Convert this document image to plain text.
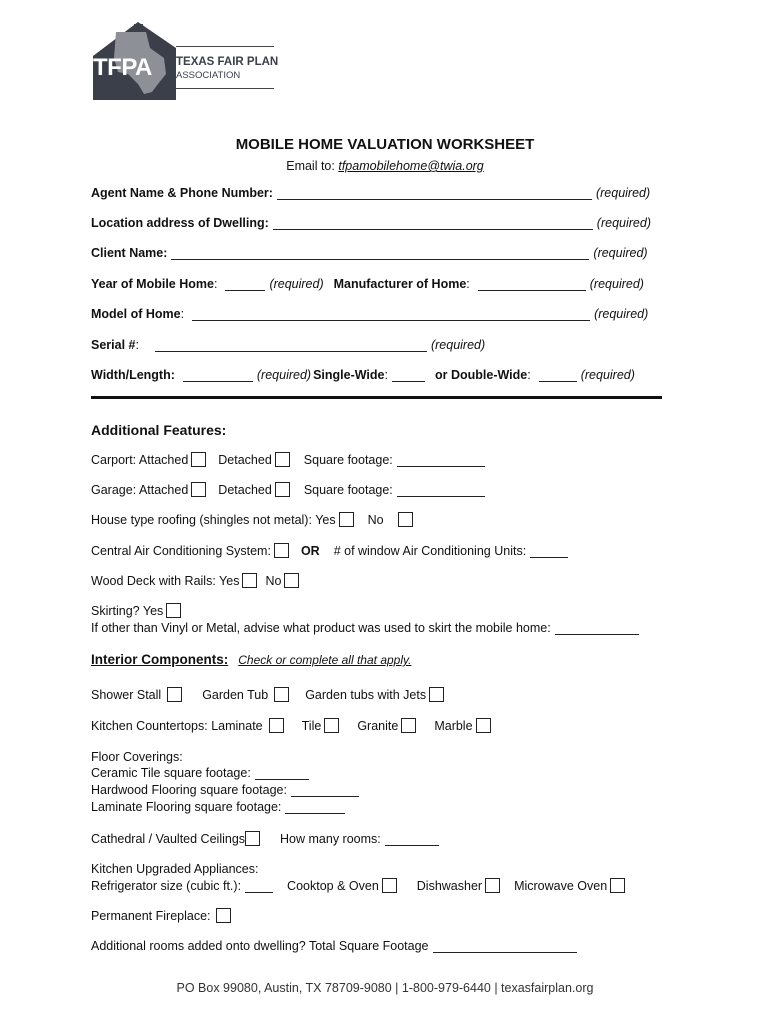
TFPA TEXAS FAIR PLAN
ASSOCIATION
MOBILE HOME VALUATION WORKSHEET
Email to: tfpamobilehome@twia.org
Agent Name & Phone Number:	(required)
Location address of Dwelling:	(required)
Client Name:	(required)
Year of Mobile Home :	(required) Manufacturer of Home :	(required)
Model of Home :	(required)
Serial # :	(required)
Width/Length:	(required) Single-Wide :	or Double-Wide :	(required)
Additional Features:
Carport: Attached Detached	Square footage:
Garage: Attached Detached	Square footage:
House type roofing (shingles not metal): Yes	No
Central Air Conditioning System: OR # of window Air Conditioning Units:
Wood Deck with Rails: Yes No
Skirting? Yes
If other than Vinyl or Metal, advise what product was used to skirt the mobile home:
Interior Components: Check or complete all that apply.
Shower Stall	Garden Tub	Garden tubs with Jets
Kitchen Countertops: Laminate	Tile	Granite	Marble
Floor Coverings:
Ceramic Tile square footage:
Hardwood Flooring square footage:
Laminate Flooring square footage:
Cathedral / Vaulted Ceilings	How many rooms:
Kitchen Upgraded Appliances:
Refrigerator size (cubic ft.):	Cooktop & Oven	Dishwasher	Microwave Oven
Permanent Fireplace:
Additional rooms added onto dwelling? Total Square Footage
PO Box 99080, Austin, TX 78709-9080 | 1-800-979-6440 | texasfairplan.org
